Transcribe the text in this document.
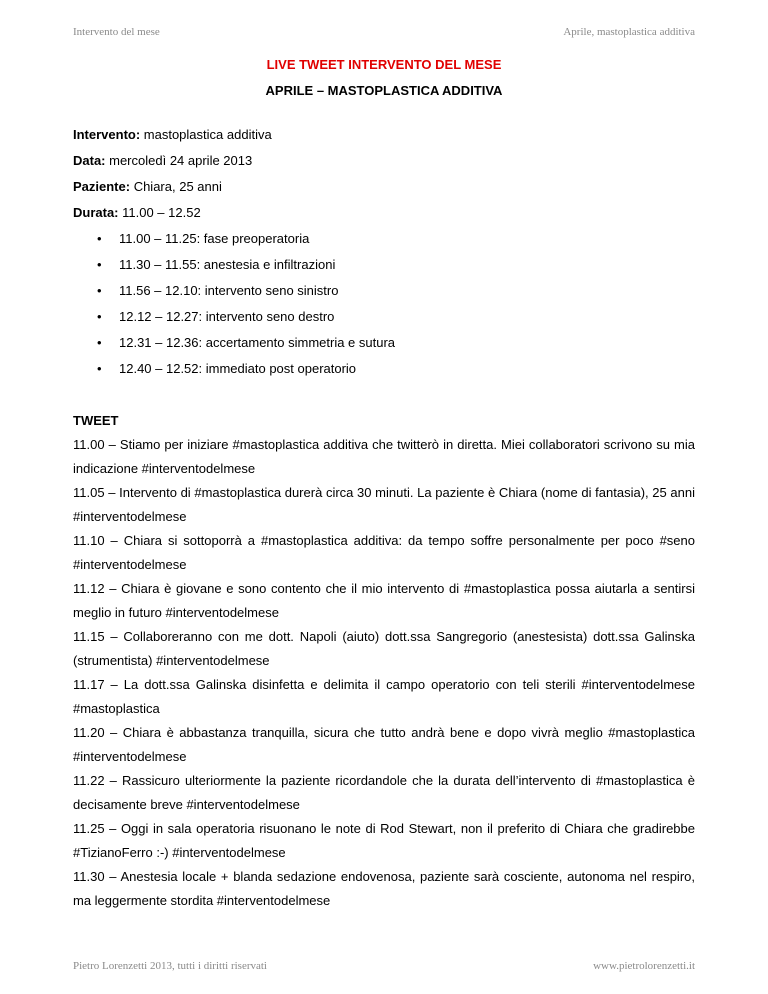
Intervento del mese	Aprile, mastoplastica additiva

LIVE TWEET INTERVENTO DEL MESE

APRILE – MASTOPLASTICA ADDITIVA

Intervento: mastoplastica additiva

Data: mercoledì 24 aprile 2013

Paziente: Chiara, 25 anni

Durata: 11.00 – 12.52

• 11.00 – 11.25: fase preoperatoria
• 11.30 – 11.55: anestesia e infiltrazioni
• 11.56 – 12.10: intervento seno sinistro
• 12.12 – 12.27: intervento seno destro
• 12.31 – 12.36: accertamento simmetria e sutura
• 12.40 – 12.52: immediato post operatorio

TWEET

11.00 – Stiamo per iniziare #mastoplastica additiva che twitterò in diretta. Miei collaboratori scrivono su mia indicazione #interventodelmese

11.05 – Intervento di #mastoplastica durerà circa 30 minuti. La paziente è Chiara (nome di fantasia), 25 anni #interventodelmese

11.10 – Chiara si sottoporrà a #mastoplastica additiva: da tempo soffre personalmente per poco #seno #interventodelmese

11.12 – Chiara è giovane e sono contento che il mio intervento di #mastoplastica possa aiutarla a sentirsi meglio in futuro #interventodelmese

11.15 – Collaboreranno con me dott. Napoli (aiuto) dott.ssa Sangregorio (anestesista) dott.ssa Galinska (strumentista) #interventodelmese

11.17 – La dott.ssa Galinska disinfetta e delimita il campo operatorio con teli sterili #interventodelmese #mastoplastica

11.20 – Chiara è abbastanza tranquilla, sicura che tutto andrà bene e dopo vivrà meglio #mastoplastica #interventodelmese

11.22 – Rassicuro ulteriormente la paziente ricordandole che la durata dell’intervento di #mastoplastica è decisamente breve #interventodelmese

11.25 – Oggi in sala operatoria risuonano le note di Rod Stewart, non il preferito di Chiara che gradirebbe #TizianoFerro :-) #interventodelmese

11.30 – Anestesia locale + blanda sedazione endovenosa, paziente sarà cosciente, autonoma nel respiro, ma leggermente stordita #interventodelmese

Pietro Lorenzetti 2013, tutti i diritti riservati	www.pietrolorenzetti.it
